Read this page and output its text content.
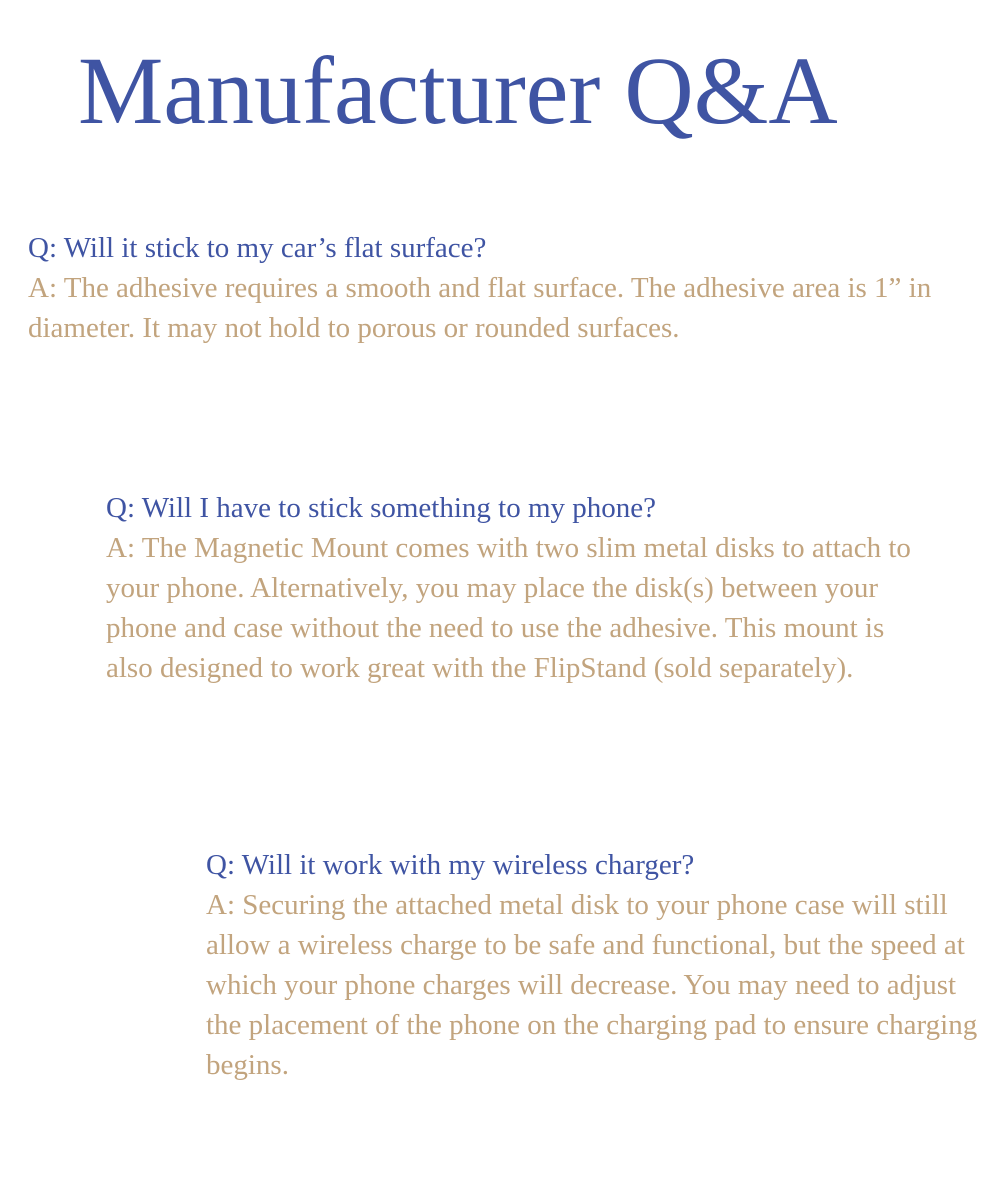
Manufacturer Q&A
Q: Will it stick to my car’s flat surface?
A: The adhesive requires a smooth and flat surface. The adhesive area is 1” in diameter. It may not hold to porous or rounded surfaces.
Q: Will I have to stick something to my phone?
A: The Magnetic Mount comes with two slim metal disks to attach to your phone. Alternatively, you may place the disk(s) between your phone and case without the need to use the adhesive. This mount is also designed to work great with the FlipStand (sold separately).
Q: Will it work with my wireless charger?
A: Securing the attached metal disk to your phone case will still allow a wireless charge to be safe and functional, but the speed at which your phone charges will decrease. You may need to adjust the placement of the phone on the charging pad to ensure charging begins.
